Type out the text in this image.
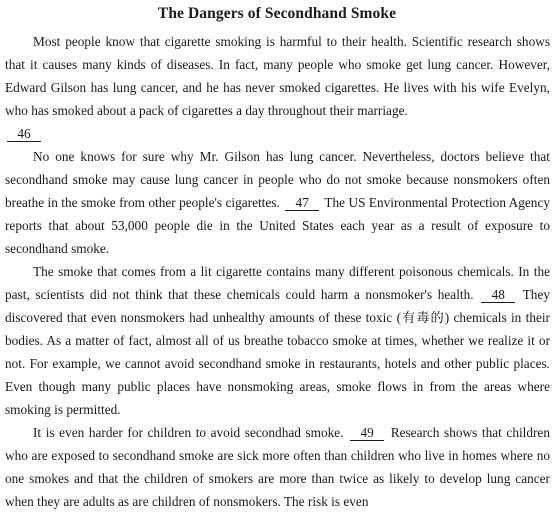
The Dangers of Secondhand Smoke

Most people know that cigarette smoking is harmful to their health. Scientific research shows that it causes many kinds of diseases. In fact, many people who smoke get lung cancer. However, Edward Gilson has lung cancer, and he has never smoked cigarettes. He lives with his wife Evelyn, who has smoked about a pack of cigarettes a day throughout their marriage.
46

No one knows for sure why Mr. Gilson has lung cancer. Nevertheless, doctors believe that secondhand smoke may cause lung cancer in people who do not smoke because nonsmokers often breathe in the smoke from other people's cigarettes. 47 The US Environmental Protection Agency reports that about 53,000 people die in the United States each year as a result of exposure to secondhand smoke.

The smoke that comes from a lit cigarette contains many different poisonous chemicals. In the past, scientists did not think that these chemicals could harm a nonsmoker's health. 48 They discovered that even nonsmokers had unhealthy amounts of these toxic (有毒的) chemicals in their bodies. As a matter of fact, almost all of us breathe tobacco smoke at times, whether we realize it or not. For example, we cannot avoid secondhand smoke in restaurants, hotels and other public places. Even though many public places have nonsmoking areas, smoke flows in from the areas where smoking is permitted.

It is even harder for children to avoid secondhad smoke. 49 Research shows that children who are exposed to secondhand smoke are sick more often than children who live in homes where no one smokes and that the children of smokers are more than twice as likely to develop lung cancer when they are adults as are children of nonsmokers. The risk is even
